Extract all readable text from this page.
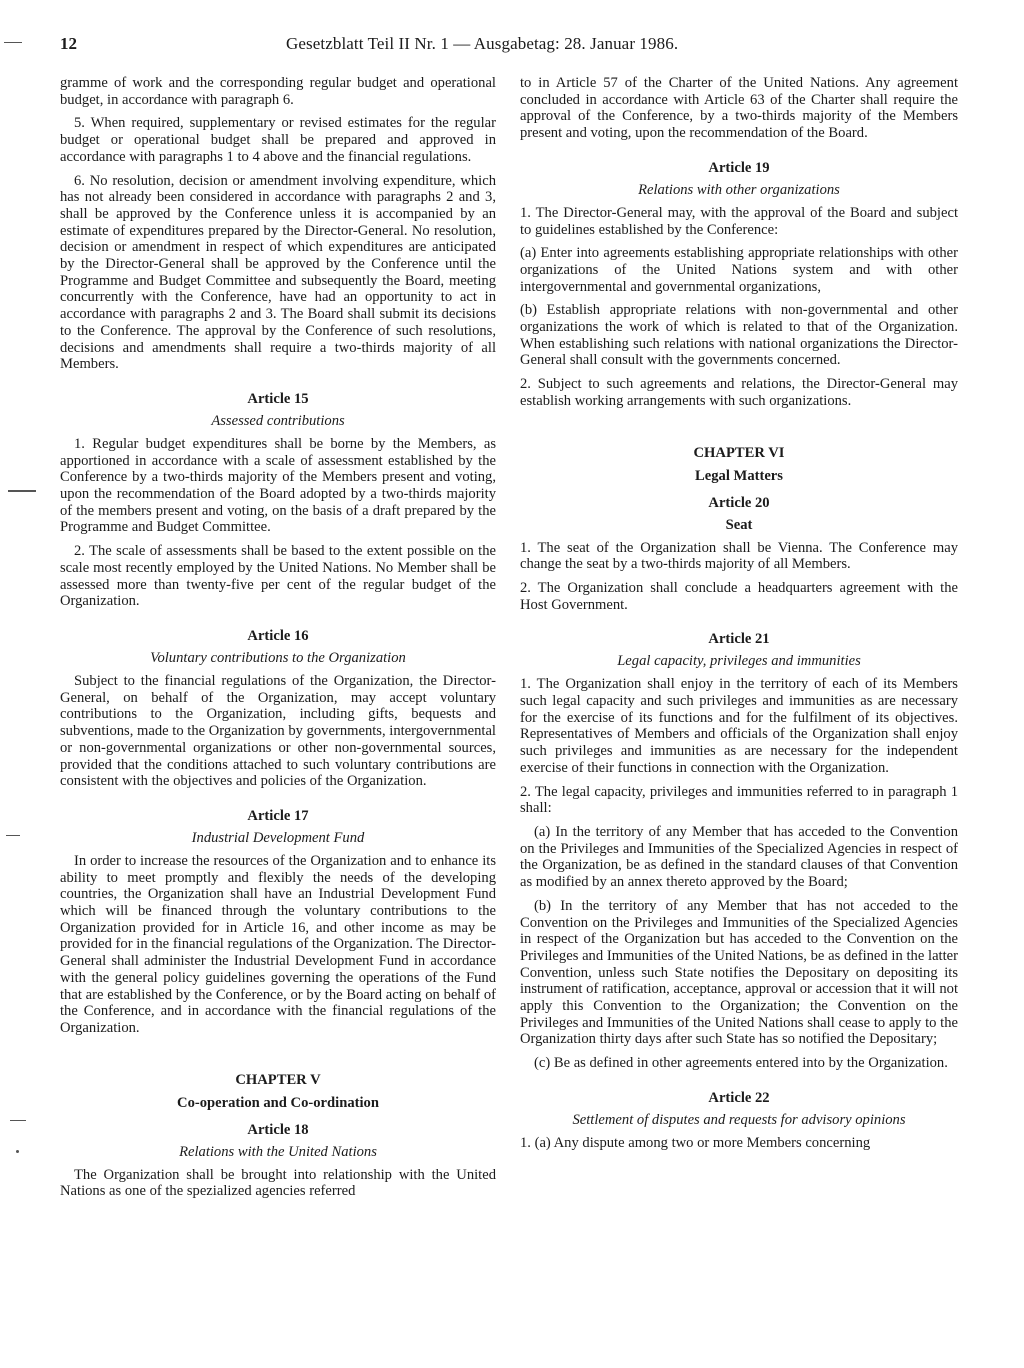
12	Gesetzblatt Teil II Nr. 1 — Ausgabetag: 28. Januar 1986.

gramme of work and the corresponding regular budget and operational budget, in accordance with paragraph 6.

5. When required, supplementary or revised estimates for the regular budget or operational budget shall be prepared and approved in accordance with paragraphs 1 to 4 above and the financial regulations.

6. No resolution, decision or amendment involving expenditure, which has not already been considered in accordance with paragraphs 2 and 3, shall be approved by the Conference unless it is accompanied by an estimate of expenditures prepared by the Director-General. No resolution, decision or amendment in respect of which expenditures are anticipated by the Director-General shall be approved by the Conference until the Programme and Budget Committee and subsequently the Board, meeting concurrently with the Conference, have had an opportunity to act in accordance with paragraphs 2 and 3. The Board shall submit its decisions to the Conference. The approval by the Conference of such resolutions, decisions and amendments shall require a two-thirds majority of all Members.

Article 15
Assessed contributions

1. Regular budget expenditures shall be borne by the Members, as apportioned in accordance with a scale of assessment established by the Conference by a two-thirds majority of the Members present and voting, upon the recommendation of the Board adopted by a two-thirds majority of the members present and voting, on the basis of a draft prepared by the Programme and Budget Committee.

2. The scale of assessments shall be based to the extent possible on the scale most recently employed by the United Nations. No Member shall be assessed more than twenty-five per cent of the regular budget of the Organization.

Article 16
Voluntary contributions to the Organization

Subject to the financial regulations of the Organization, the Director-General, on behalf of the Organization, may accept voluntary contributions to the Organization, including gifts, bequests and subventions, made to the Organization by governments, intergovernmental or non-governmental organizations or other non-governmental sources, provided that the conditions attached to such voluntary contributions are consistent with the objectives and policies of the Organization.

Article 17
Industrial Development Fund

In order to increase the resources of the Organization and to enhance its ability to meet promptly and flexibly the needs of the developing countries, the Organization shall have an Industrial Development Fund which will be financed through the voluntary contributions to the Organization provided for in Article 16, and other income as may be provided for in the financial regulations of the Organization. The Director-General shall administer the Industrial Development Fund in accordance with the general policy guidelines governing the operations of the Fund that are established by the Conference, or by the Board acting on behalf of the Conference, and in accordance with the financial regulations of the Organization.

CHAPTER V
Co-operation and Co-ordination
Article 18
Relations with the United Nations

The Organization shall be brought into relationship with the United Nations as one of the spezialized agencies referred

to in Article 57 of the Charter of the United Nations. Any agreement concluded in accordance with Article 63 of the Charter shall require the approval of the Conference, by a two-thirds majority of the Members present and voting, upon the recommendation of the Board.

Article 19
Relations with other organizations

1. The Director-General may, with the approval of the Board and subject to guidelines established by the Conference:

(a) Enter into agreements establishing appropriate relationships with other organizations of the United Nations system and with other intergovernmental and governmental organizations,

(b) Establish appropriate relations with non-governmental and other organizations the work of which is related to that of the Organization. When establishing such relations with national organizations the Director-General shall consult with the governments concerned.

2. Subject to such agreements and relations, the Director-General may establish working arrangements with such organizations.

CHAPTER VI
Legal Matters
Article 20
Seat

1. The seat of the Organization shall be Vienna. The Conference may change the seat by a two-thirds majority of all Members.

2. The Organization shall conclude a headquarters agreement with the Host Government.

Article 21
Legal capacity, privileges and immunities

1. The Organization shall enjoy in the territory of each of its Members such legal capacity and such privileges and immunities as are necessary for the exercise of its functions and for the fulfilment of its objectives. Representatives of Members and officials of the Organization shall enjoy such privileges and immunities as are necessary for the independent exercise of their functions in connection with the Organization.

2. The legal capacity, privileges and immunities referred to in paragraph 1 shall:

(a) In the territory of any Member that has acceded to the Convention on the Privileges and Immunities of the Specialized Agencies in respect of the Organization, be as defined in the standard clauses of that Convention as modified by an annex thereto approved by the Board;

(b) In the territory of any Member that has not acceded to the Convention on the Privileges and Immunities of the Specialized Agencies in respect of the Organization but has acceded to the Convention on the Privileges and Immunities of the United Nations, be as defined in the latter Convention, unless such State notifies the Depositary on depositing its instrument of ratification, acceptance, approval or accession that it will not apply this Convention to the Organization; the Convention on the Privileges and Immunities of the United Nations shall cease to apply to the Organization thirty days after such State has so notified the Depositary;

(c) Be as defined in other agreements entered into by the Organization.

Article 22
Settlement of disputes and requests for advisory opinions

1. (a) Any dispute among two or more Members concerning
